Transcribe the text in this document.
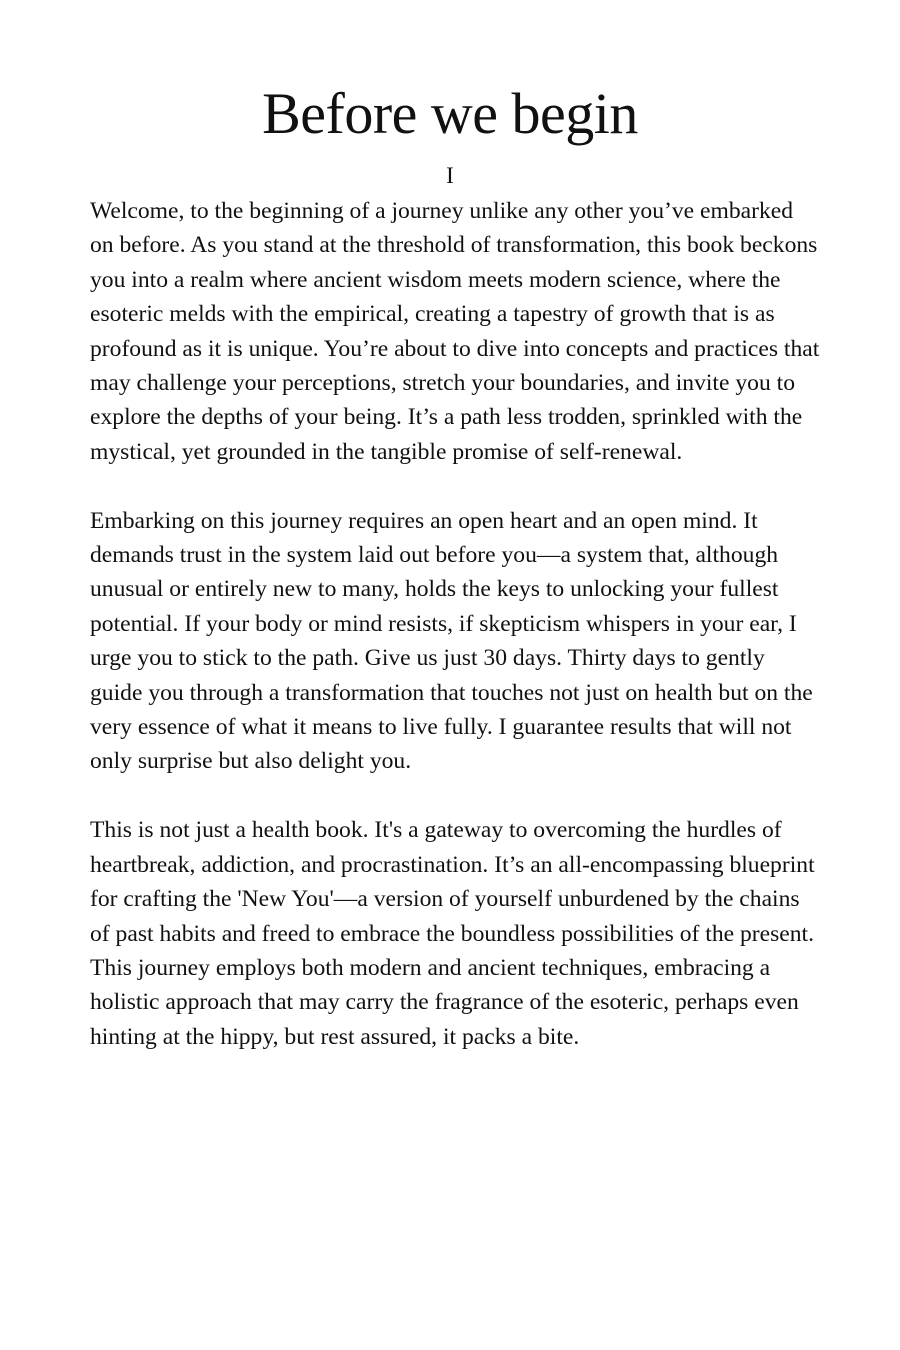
Before we begin
I

Welcome, to the beginning of a journey unlike any other you’ve embarked on before. As you stand at the threshold of transformation, this book beckons you into a realm where ancient wisdom meets modern science, where the esoteric melds with the empirical, creating a tapestry of growth that is as profound as it is unique. You’re about to dive into concepts and practices that may challenge your perceptions, stretch your boundaries, and invite you to explore the depths of your being. It’s a path less trodden, sprinkled with the mystical, yet grounded in the tangible promise of self-renewal.

Embarking on this journey requires an open heart and an open mind. It demands trust in the system laid out before you—a system that, although unusual or entirely new to many, holds the keys to unlocking your fullest potential. If your body or mind resists, if skepticism whispers in your ear, I urge you to stick to the path. Give us just 30 days. Thirty days to gently guide you through a transformation that touches not just on health but on the very essence of what it means to live fully. I guarantee results that will not only surprise but also delight you.

This is not just a health book. It's a gateway to overcoming the hurdles of heartbreak, addiction, and procrastination. It’s an all-encompassing blueprint for crafting the 'New You'—a version of yourself unburdened by the chains of past habits and freed to embrace the boundless possibilities of the present. This journey employs both modern and ancient techniques, embracing a holistic approach that may carry the fragrance of the esoteric, perhaps even hinting at the hippy, but rest assured, it packs a bite.
